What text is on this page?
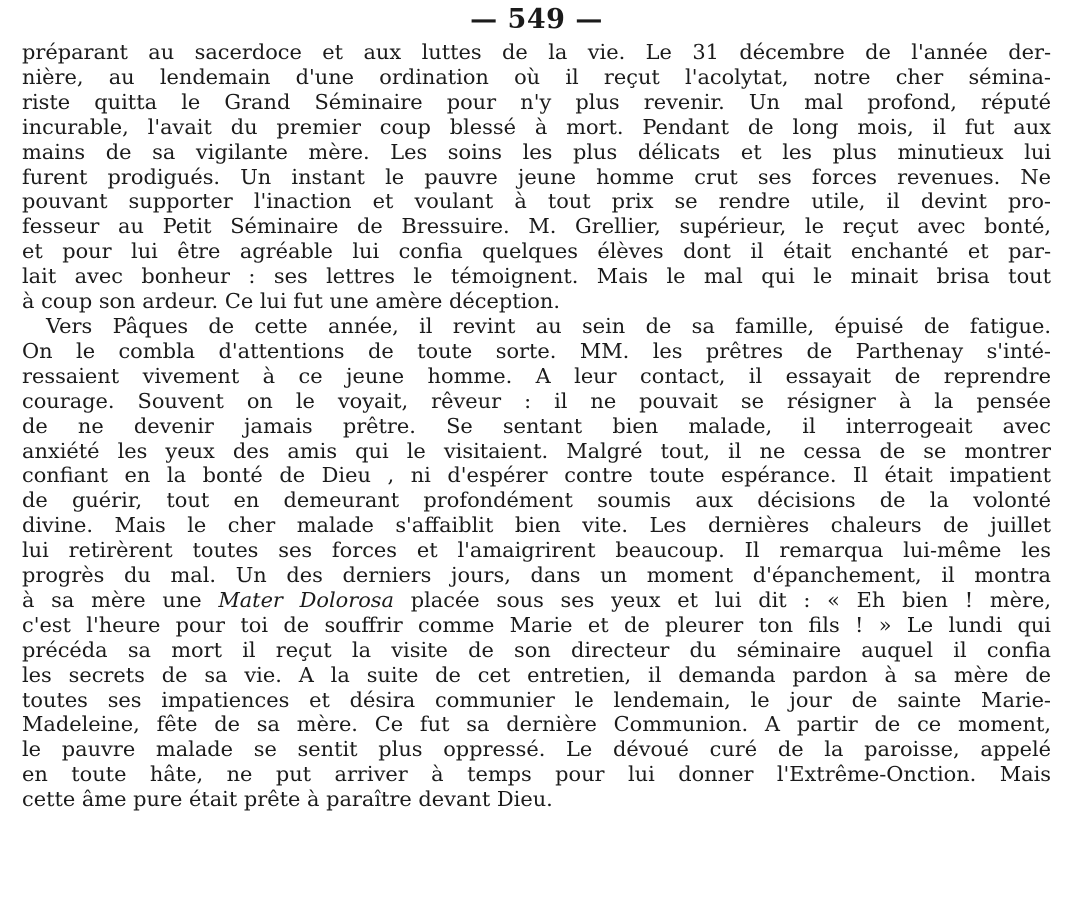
— 549 —
préparant au sacerdoce et aux luttes de la vie. Le 31 décembre de l'année der-
nière, au lendemain d'une ordination où il reçut l'acolytat, notre cher sémina-
riste quitta le Grand Séminaire pour n'y plus revenir. Un mal profond, réputé
incurable, l'avait du premier coup blessé à mort. Pendant de long mois, il fut aux
mains de sa vigilante mère. Les soins les plus délicats et les plus minutieux lui
furent prodigués. Un instant le pauvre jeune homme crut ses forces revenues. Ne
pouvant supporter l'inaction et voulant à tout prix se rendre utile, il devint pro-
fesseur au Petit Séminaire de Bressuire. M. Grellier, supérieur, le reçut avec bonté,
et pour lui être agréable lui confia quelques élèves dont il était enchanté et par-
lait avec bonheur : ses lettres le témoignent. Mais le mal qui le minait brisa tout
à coup son ardeur. Ce lui fut une amère déception.
Vers Pâques de cette année, il revint au sein de sa famille, épuisé de fatigue.
On le combla d'attentions de toute sorte. MM. les prêtres de Parthenay s'inté-
ressaient vivement à ce jeune homme. A leur contact, il essayait de reprendre
courage. Souvent on le voyait, rêveur : il ne pouvait se résigner à la pensée
de ne devenir jamais prêtre. Se sentant bien malade, il interrogeait avec
anxiété les yeux des amis qui le visitaient. Malgré tout, il ne cessa de se montrer
confiant en la bonté de Dieu , ni d'espérer contre toute espérance. Il était impatient
de guérir, tout en demeurant profondément soumis aux décisions de la volonté
divine. Mais le cher malade s'affaiblit bien vite. Les dernières chaleurs de juillet
lui retirèrent toutes ses forces et l'amaigrirent beaucoup. Il remarqua lui-même les
progrès du mal. Un des derniers jours, dans un moment d'épanchement, il montra
à sa mère une Mater Dolorosa placée sous ses yeux et lui dit : « Eh bien ! mère,
c'est l'heure pour toi de souffrir comme Marie et de pleurer ton fils ! » Le lundi qui
précéda sa mort il reçut la visite de son directeur du séminaire auquel il confia
les secrets de sa vie. A la suite de cet entretien, il demanda pardon à sa mère de
toutes ses impatiences et désira communier le lendemain, le jour de sainte Marie-
Madeleine, fête de sa mère. Ce fut sa dernière Communion. A partir de ce moment,
le pauvre malade se sentit plus oppressé. Le dévoué curé de la paroisse, appelé
en toute hâte, ne put arriver à temps pour lui donner l'Extrême-Onction. Mais
cette âme pure était prête à paraître devant Dieu.
